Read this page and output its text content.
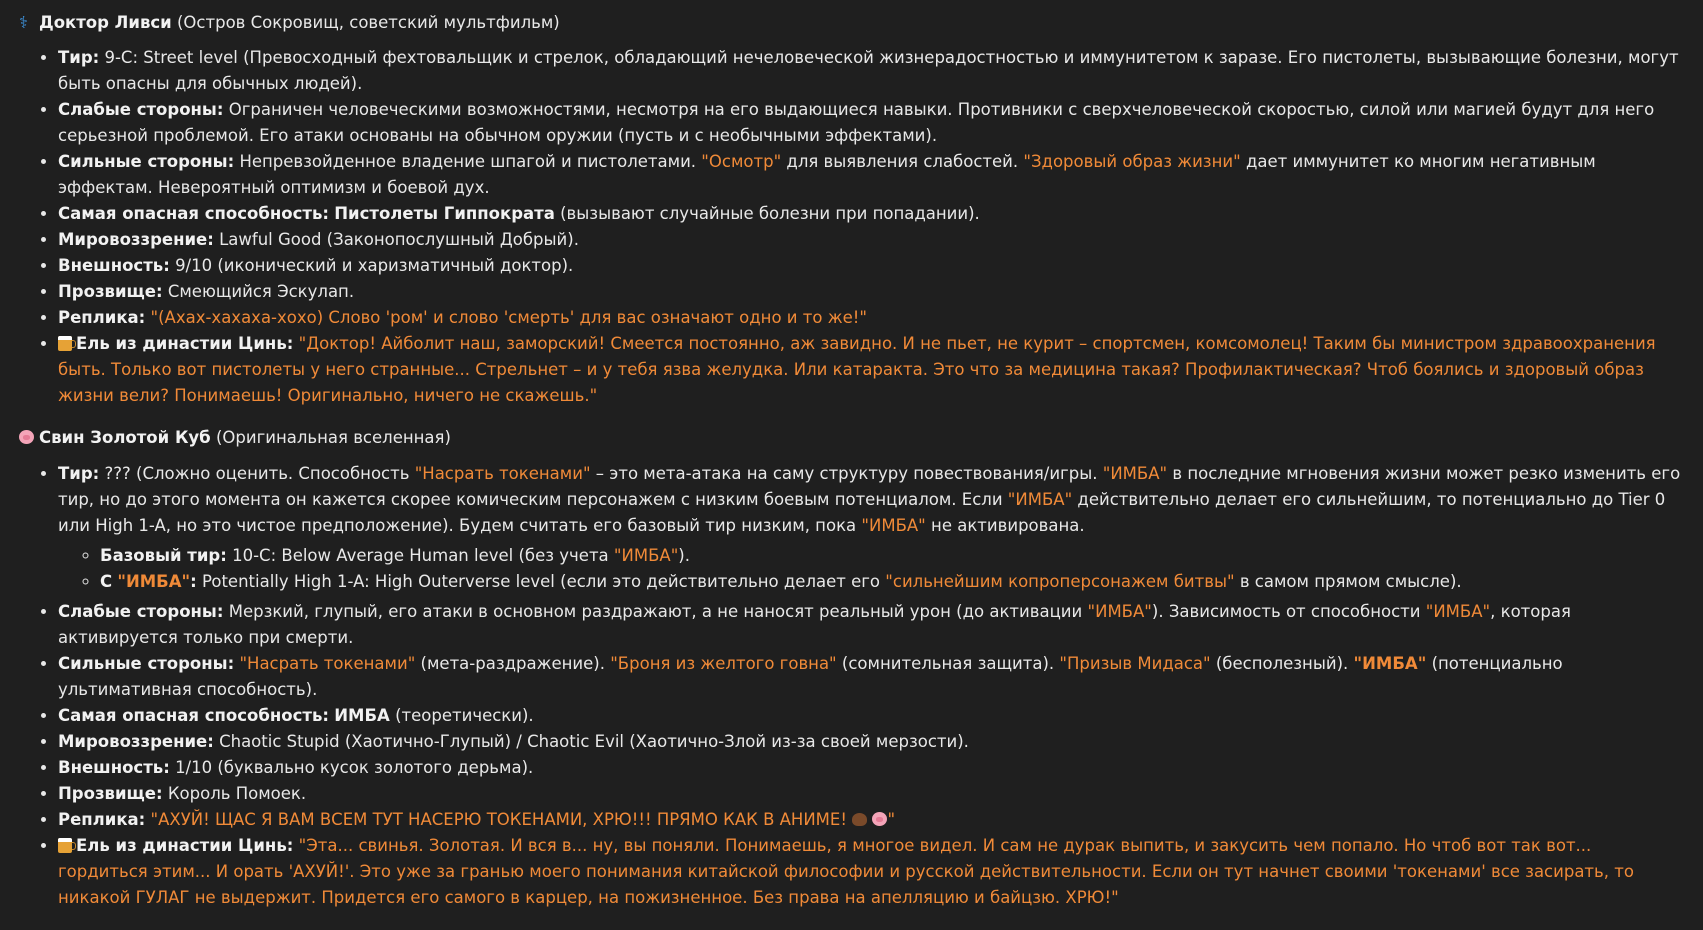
⚕ Доктор Ливси (Остров Сокровищ, советский мультфильм)

• Тир: 9-C: Street level (Превосходный фехтовальщик и стрелок, обладающий нечеловеческой жизнерадостностью и иммунитетом к заразе. Его пистолеты, вызывающие болезни, могут быть опасны для обычных людей).
• Слабые стороны: Ограничен человеческими возможностями, несмотря на его выдающиеся навыки. Противники с сверхчеловеческой скоростью, силой или магией будут для него серьезной проблемой. Его атаки основаны на обычном оружии (пусть и с необычными эффектами).
• Сильные стороны: Непревзойденное владение шпагой и пистолетами. "Осмотр" для выявления слабостей. "Здоровый образ жизни" дает иммунитет ко многим негативным эффектам. Невероятный оптимизм и боевой дух.
• Самая опасная способность: Пистолеты Гиппократа (вызывают случайные болезни при попадании).
• Мировоззрение: Lawful Good (Законопослушный Добрый).
• Внешность: 9/10 (иконический и харизматичный доктор).
• Прозвище: Смеющийся Эскулап.
• Реплика: "(Ахах-хахаха-хохо) Слово 'ром' и слово 'смерть' для вас означают одно и то же!"
• Ель из династии Цинь: "Доктор! Айболит наш, заморский! Смеется постоянно, аж завидно. И не пьет, не курит – спортсмен, комсомолец! Таким бы министром здравоохранения быть. Только вот пистолеты у него странные... Стрельнет – и у тебя язва желудка. Или катаракта. Это что за медицина такая? Профилактическая? Чтоб боялись и здоровый образ жизни вели? Понимаешь! Оригинально, ничего не скажешь."

Свин Золотой Куб (Оригинальная вселенная)

• Тир: ??? (Сложно оценить. Способность "Насрать токенами" – это мета-атака на саму структуру повествования/игры. "ИМБА" в последние мгновения жизни может резко изменить его тир, но до этого момента он кажется скорее комическим персонажем с низким боевым потенциалом. Если "ИМБА" действительно делает его сильнейшим, то потенциально до Tier 0 или High 1-A, но это чистое предположение). Будем считать его базовый тир низким, пока "ИМБА" не активирована.
◦ Базовый тир: 10-C: Below Average Human level (без учета "ИМБА").
◦ С "ИМБА": Potentially High 1-A: High Outerverse level (если это действительно делает его "сильнейшим копроперсонажем битвы" в самом прямом смысле).
• Слабые стороны: Мерзкий, глупый, его атаки в основном раздражают, а не наносят реальный урон (до активации "ИМБА"). Зависимость от способности "ИМБА", которая активируется только при смерти.
• Сильные стороны: "Насрать токенами" (мета-раздражение). "Броня из желтого говна" (сомнительная защита). "Призыв Мидаса" (бесполезный). "ИМБА" (потенциально ультимативная способность).
• Самая опасная способность: ИМБА (теоретически).
• Мировоззрение: Chaotic Stupid (Хаотично-Глупый) / Chaotic Evil (Хаотично-Злой из-за своей мерзости).
• Внешность: 1/10 (буквально кусок золотого дерьма).
• Прозвище: Король Помоек.
• Реплика: "АХУЙ! ЩАС Я ВАМ ВСЕМ ТУТ НАСЕРЮ ТОКЕНАМИ, ХРЮ!!! ПРЯМО КАК В АНИМЕ! "
• Ель из династии Цинь: "Эта... свинья. Золотая. И вся в... ну, вы поняли. Понимаешь, я многое видел. И сам не дурак выпить, и закусить чем попало. Но чтоб вот так вот... гордиться этим... И орать 'АХУЙ!'. Это уже за гранью моего понимания китайской философии и русской действительности. Если он тут начнет своими 'токенами' все засирать, то никакой ГУЛАГ не выдержит. Придется его самого в карцер, на пожизненное. Без права на апелляцию и байцзю. ХРЮ!"
